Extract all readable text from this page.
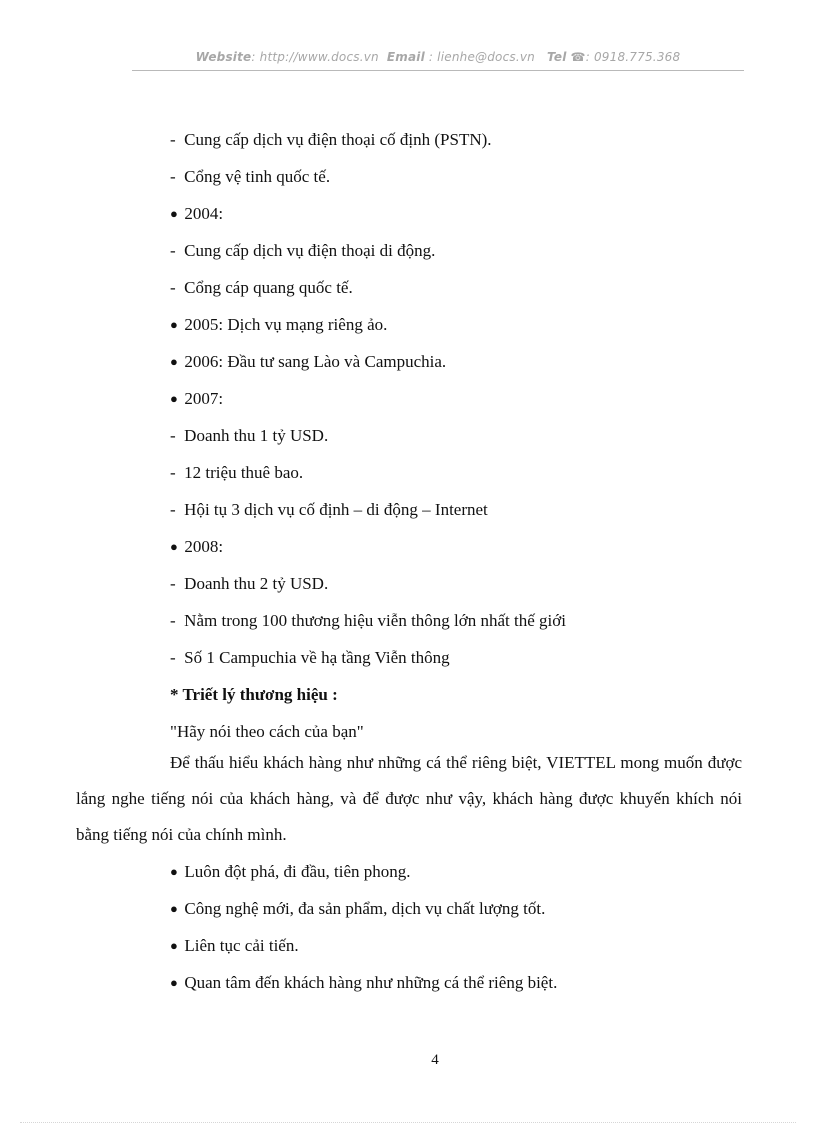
Website: http://www.docs.vn Email : lienhe@docs.vn Tel ☎: 0918.775.368
-  Cung cấp dịch vụ điện thoại cố định (PSTN).
-  Cổng vệ tinh quốc tế.
●  2004:
-  Cung cấp dịch vụ điện thoại di động.
-  Cổng cáp quang quốc tế.
●  2005: Dịch vụ mạng riêng ảo.
●  2006: Đầu tư sang Lào và Campuchia.
●  2007:
-  Doanh thu 1 tỷ USD.
-  12 triệu thuê bao.
-  Hội tụ 3 dịch vụ cố định – di động – Internet
●  2008:
-  Doanh thu 2 tỷ USD.
-  Nằm trong 100 thương hiệu viễn thông lớn nhất thế giới
-  Số 1 Campuchia về hạ tầng Viễn thông
* Triết lý thương hiệu :
"Hãy nói theo cách của bạn"
Để thấu hiểu khách hàng như những cá thể riêng biệt, VIETTEL mong muốn được lắng nghe tiếng nói của khách hàng, và để được như vậy, khách hàng được khuyến khích nói bằng tiếng nói của chính mình.
●  Luôn đột phá, đi đầu, tiên phong.
●  Công nghệ mới, đa sản phẩm, dịch vụ chất lượng tốt.
●  Liên tục cải tiến.
●  Quan tâm đến khách hàng như những cá thể riêng biệt.
4
